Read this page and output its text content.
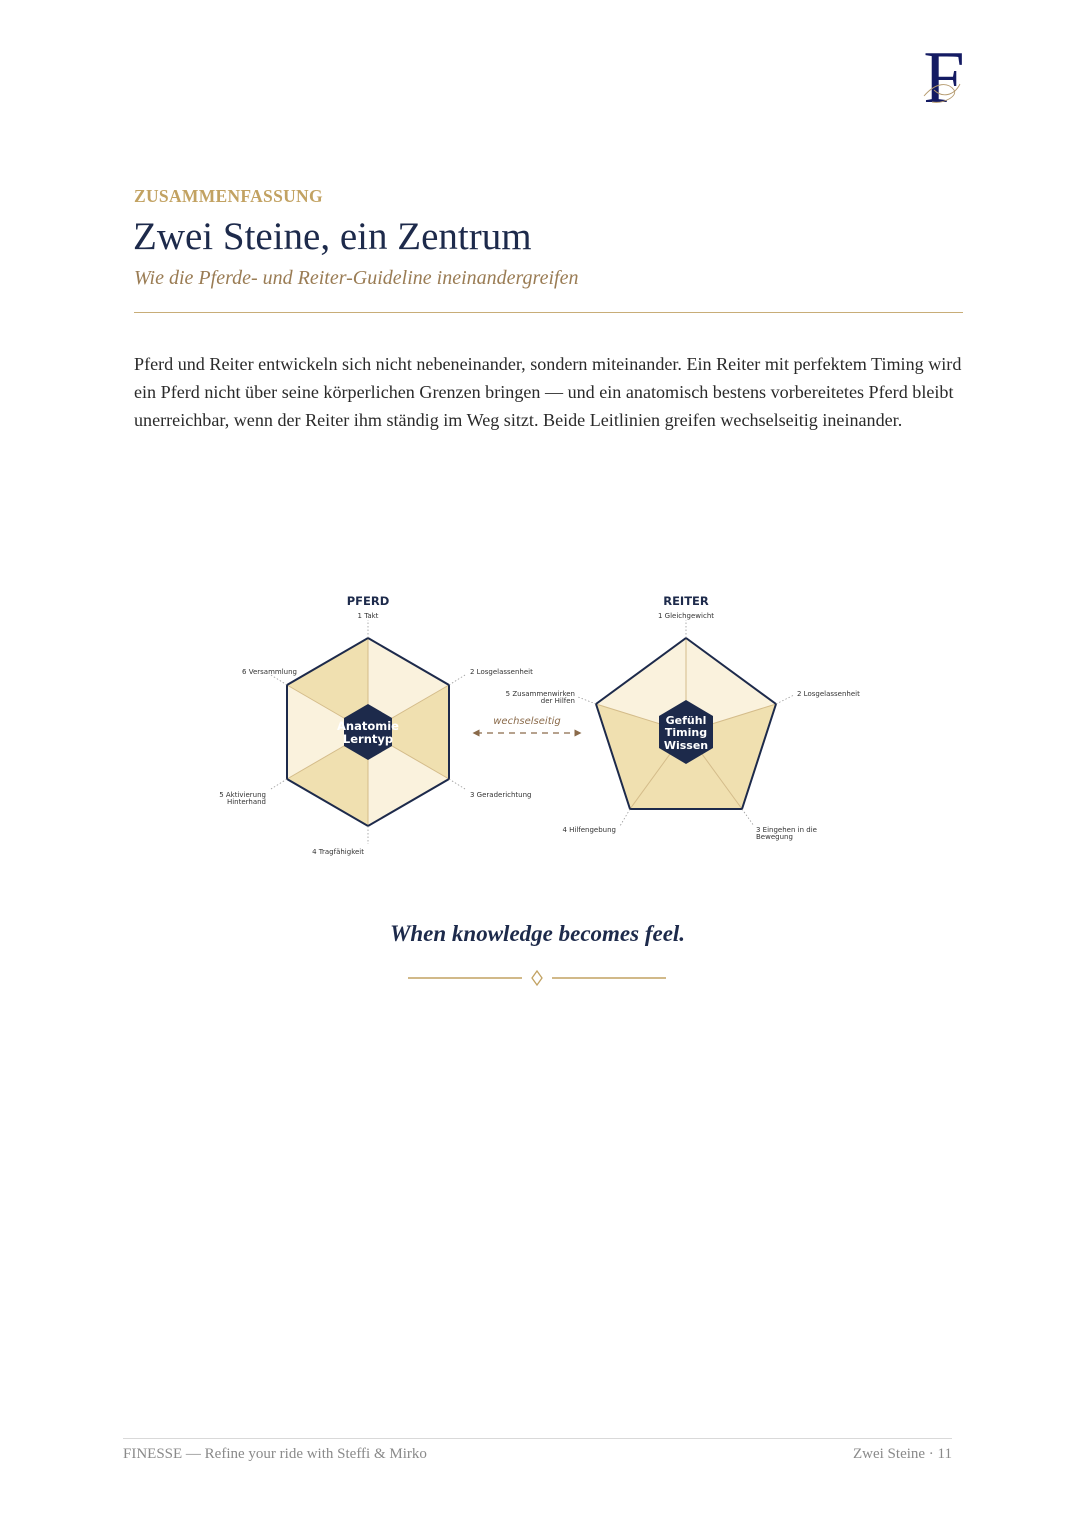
F
ZUSAMMENFASSUNG
Zwei Steine, ein Zentrum
Wie die Pferde- und Reiter-Guideline ineinandergreifen

Pferd und Reiter entwickeln sich nicht nebeneinander, sondern miteinander. Ein Reiter mit perfektem Timing wird ein Pferd nicht über seine körperlichen Grenzen bringen — und ein anatomisch bestens vorbereitetes Pferd bleibt unerreichbar, wenn der Reiter ihm ständig im Weg sitzt. Beide Leitlinien greifen wechselseitig ineinander.

PFERD
Anatomie
Lerntyp
1 Takt
2 Losgelassenheit
3 Geraderichtung
4 Tragfähigkeit
5 Aktivierung
Hinterhand
6 Versammlung
wechselseitig
REITER
Gefühl
Timing
Wissen
1 Gleichgewicht
2 Losgelassenheit
3 Eingehen in die
Bewegung
4 Hilfengebung
5 Zusammenwirken
der Hilfen
When knowledge becomes feel.
FINESSE — Refine your ride with Steffi & Mirko	Zwei Steine · 11
